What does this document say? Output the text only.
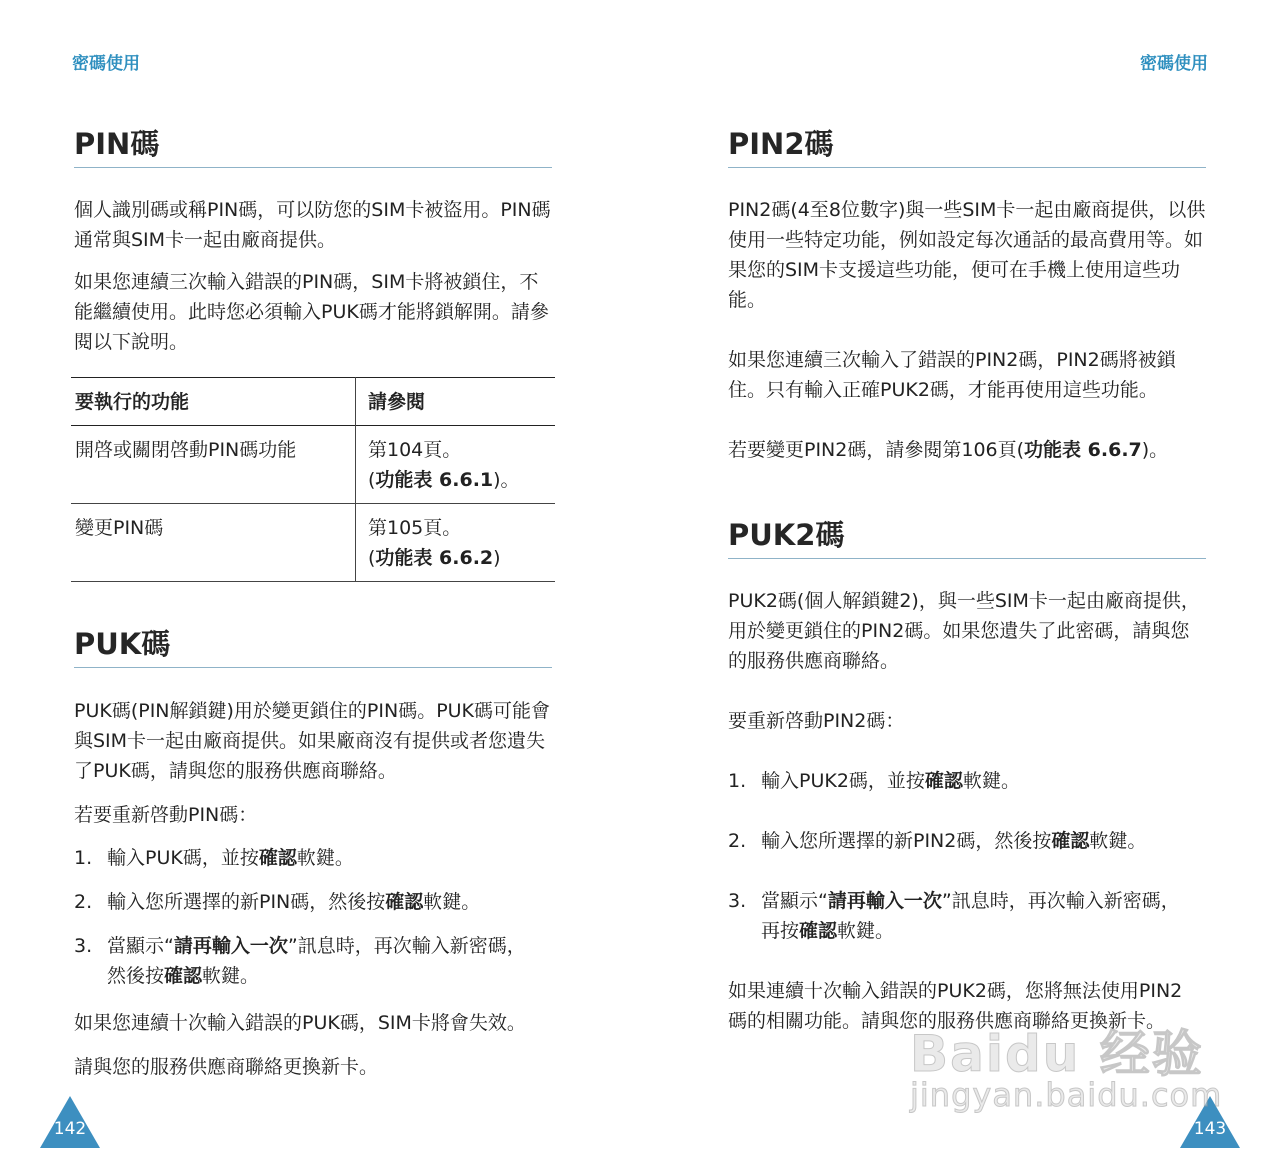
密碼使用

PIN碼

個人識別碼或稱PIN碼，可以防您的SIM卡被盜用。PIN碼通常與SIM卡一起由廠商提供。

如果您連續三次輸入錯誤的PIN碼，SIM卡將被鎖住，不能繼續使用。此時您必須輸入PUK碼才能將鎖解開。請參閱以下說明。

要執行的功能	請參閱
開啓或關閉啓動PIN碼功能	第104頁。
(功能表 6.6.1)。

變更PIN碼	第105頁。
(功能表 6.6.2)
PUK碼

PUK碼(PIN解鎖鍵)用於變更鎖住的PIN碼。PUK碼可能會與SIM卡一起由廠商提供。如果廠商沒有提供或者您遺失了PUK碼，請與您的服務供應商聯絡。

若要重新啓動PIN碼：

1. 輸入PUK碼，並按確認軟鍵。
2. 輸入您所選擇的新PIN碼，然後按確認軟鍵。
3. 當顯示“請再輸入一次”訊息時，再次輸入新密碼，然後按確認軟鍵。

如果您連續十次輸入錯誤的PUK碼，SIM卡將會失效。

請與您的服務供應商聯絡更換新卡。

142

密碼使用

PIN2碼

PIN2碼(4至8位數字)與一些SIM卡一起由廠商提供，以供使用一些特定功能，例如設定每次通話的最高費用等。如果您的SIM卡支援這些功能，便可在手機上使用這些功能。

如果您連續三次輸入了錯誤的PIN2碼，PIN2碼將被鎖住。只有輸入正確PUK2碼，才能再使用這些功能。

若要變更PIN2碼，請參閱第106頁(功能表 6.6.7)。

PUK2碼

PUK2碼(個人解鎖鍵2)，與一些SIM卡一起由廠商提供，用於變更鎖住的PIN2碼。如果您遺失了此密碼，請與您的服務供應商聯絡。

要重新啓動PIN2碼：

1. 輸入PUK2碼，並按確認軟鍵。
2. 輸入您所選擇的新PIN2碼，然後按確認軟鍵。
3. 當顯示“請再輸入一次”訊息時，再次輸入新密碼，再按確認軟鍵。

如果連續十次輸入錯誤的PUK2碼，您將無法使用PIN2碼的相關功能。請與您的服務供應商聯絡更換新卡。

143
Baidu 经验
jingyan.baidu.com
